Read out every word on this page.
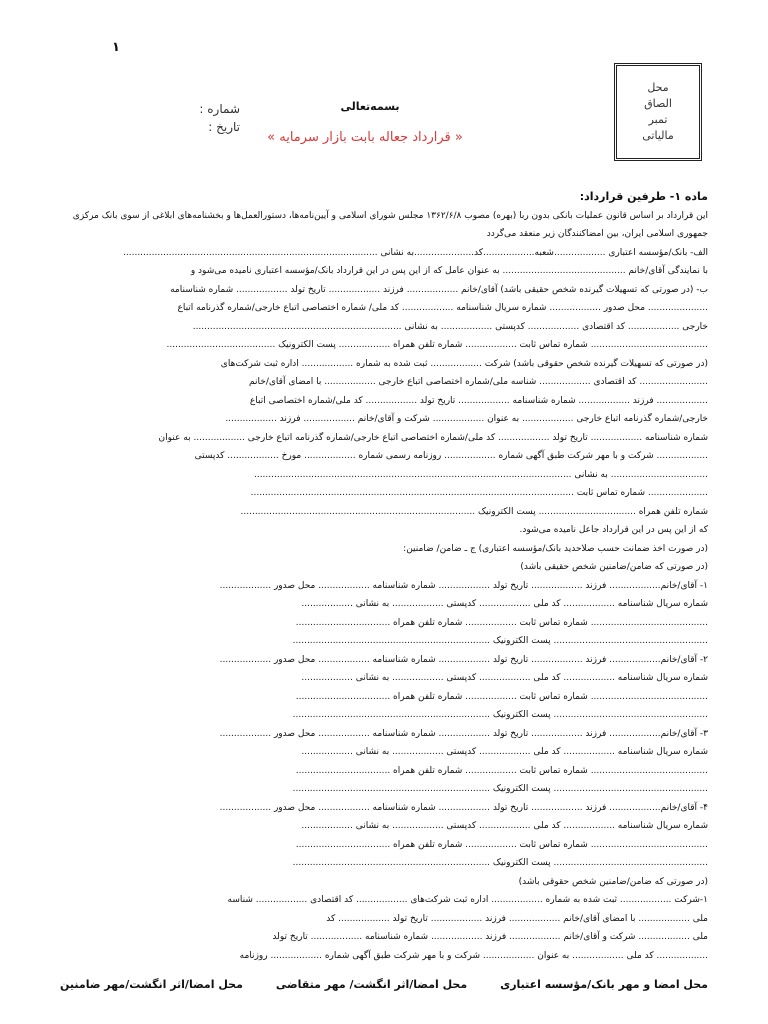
۱
محل
الصاق
تمبر
مالیاتی
بسمه‌تعالی
شماره :
تاریخ :
« قرارداد جعاله بابت بازار سرمایه »
ماده ۱- طرفین قرارداد:
این قرارداد بر اساس قانون عملیات بانکی بدون ربا (بهره) مصوب ۱۳۶۲/۶/۸ مجلس شورای اسلامی و آیین‌نامه‌ها، دستورالعمل‌ها و بخشنامه‌های ابلاغی از سوی بانک مرکزی جمهوری اسلامی ایران، بین امضاکنندگان زیر منعقد می‌گردد
الف- بانک/مؤسسه اعتباری ..................شعبه..................کد.....................به نشانی .........................................................................................
با نمایندگی آقای/خانم ........................................... به عنوان عامل که از این پس در این قرارداد بانک/مؤسسه اعتباری نامیده می‌شود و
ب- (در صورتی که تسهیلات گیرنده شخص حقیقی باشد) آقای/خانم .................. فرزند .................. تاریخ تولد .................. شماره شناسنامه
..................... محل صدور .................. شماره سریال شناسنامه .................. کد ملی/ شماره اختصاصی اتباع خارجی/شماره گذرنامه اتباع
خارجی .................. کد اقتصادی .................. کدپستی .................. به نشانی .........................................................................
......................................... شماره تماس ثابت .................. شماره تلفن همراه .................. پست الکترونیک ......................................
(در صورتی که تسهیلات گیرنده شخص حقوقی باشد) شرکت .................. ثبت شده به شماره .................. اداره ثبت شرکت‌های
........................ کد اقتصادی .................. شناسه ملی/شماره اختصاصی اتباع خارجی .................. با امضای آقای/خانم
.................. فرزند .................. شماره شناسنامه .................. تاریخ تولد .................. کد ملی/شماره اختصاصی اتباع
خارجی/شماره گذرنامه اتباع خارجی .................. به عنوان .................. شرکت و آقای/خانم .................. فرزند ..................
شماره شناسنامه .................. تاریخ تولد .................. کد ملی/شماره اختصاصی اتباع خارجی/شماره گذرنامه اتباع خارجی .................. به عنوان
.................. شرکت و با مهر شرکت طبق آگهی شماره .................. روزنامه رسمی شماره .................. مورخ .................. کدپستی
.................................. به نشانی ...............................................................................................................
..................... شماره تماس ثابت .................................................................................................................
شماره تلفن همراه .................................. پست الکترونیک ..................................................................................
که از این پس در این قرارداد جاعل نامیده می‌شود.
(در صورت اخذ ضمانت حسب صلاحدید بانک/مؤسسه اعتباری) ج ـ ضامن/ ضامنین:
(در صورتی که ضامن/ضامنین شخص حقیقی باشد)
۱- آقای/خانم.................. فرزند .................. تاریخ تولد .................. شماره شناسنامه .................. محل صدور ..................
شماره سریال شناسنامه .................. کد ملی .................. کدپستی .................. به نشانی ..................
......................................... شماره تماس ثابت .................. شماره تلفن همراه .................................
...................................................... پست الکترونیک .....................................................................
۲- آقای/خانم.................. فرزند .................. تاریخ تولد .................. شماره شناسنامه .................. محل صدور ..................
شماره سریال شناسنامه .................. کد ملی .................. کدپستی .................. به نشانی ..................
......................................... شماره تماس ثابت .................. شماره تلفن همراه .................................
...................................................... پست الکترونیک .....................................................................
۳- آقای/خانم.................. فرزند .................. تاریخ تولد .................. شماره شناسنامه .................. محل صدور ..................
شماره سریال شناسنامه .................. کد ملی .................. کدپستی .................. به نشانی ..................
......................................... شماره تماس ثابت .................. شماره تلفن همراه .................................
...................................................... پست الکترونیک .....................................................................
۴- آقای/خانم.................. فرزند .................. تاریخ تولد .................. شماره شناسنامه .................. محل صدور ..................
شماره سریال شناسنامه .................. کد ملی .................. کدپستی .................. به نشانی ..................
......................................... شماره تماس ثابت .................. شماره تلفن همراه .................................
...................................................... پست الکترونیک .....................................................................
(در صورتی که ضامن/ضامنین شخص حقوقی باشد)
۱-شرکت .................. ثبت شده به شماره .................. اداره ثبت شرکت‌های .................. کد اقتصادی .................. شناسه
ملی .................. با امضای آقای/خانم .................. فرزند .................. تاریخ تولد .................. کد
ملی .................. شرکت و آقای/خانم .................. فرزند .................. شماره شناسنامه .................. تاریخ تولد
.................. کد ملی .................. به عنوان .................. شرکت و با مهر شرکت طبق آگهی شماره .................. روزنامه
محل امضا و مهر بانک/مؤسسه اعتباری
محل امضا/اثر انگشت/ مهر متقاضی
محل امضا/اثر انگشت/مهر ضامنین
